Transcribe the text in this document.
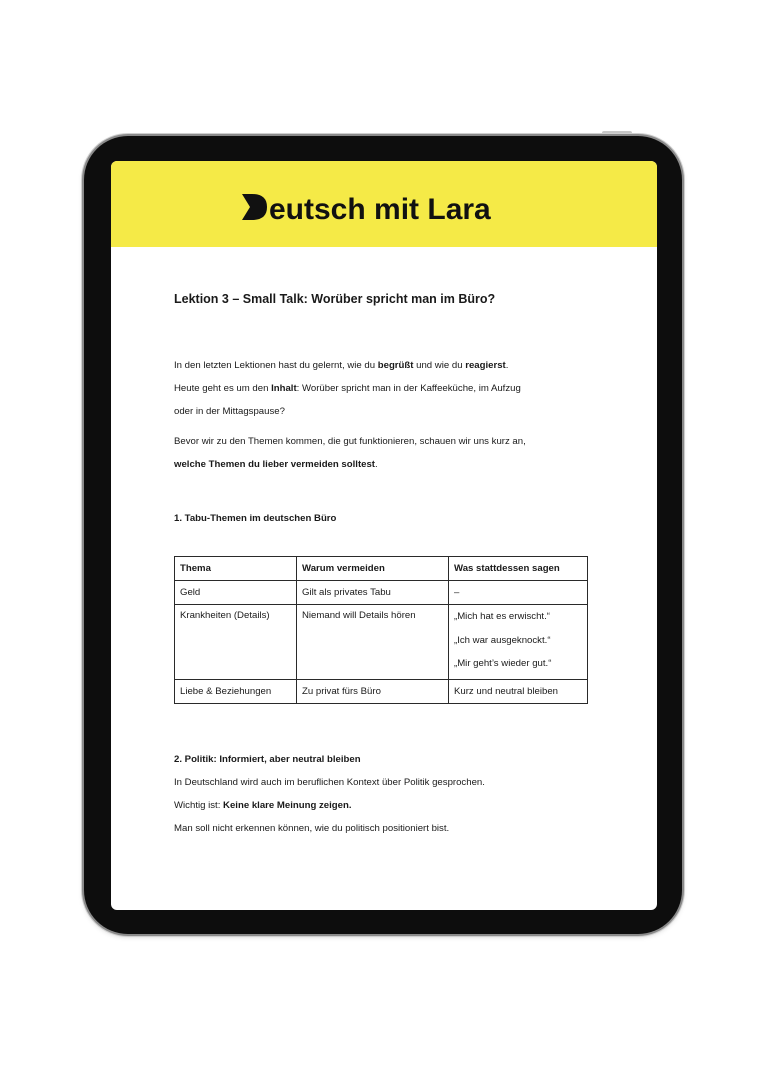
eutsch mit Lara
Lektion 3 – Small Talk: Worüber spricht man im Büro?
In den letzten Lektionen hast du gelernt, wie du begrüßt und wie du reagierst.
Heute geht es um den Inhalt: Worüber spricht man in der Kaffeeküche, im Aufzug
oder in der Mittagspause?
Bevor wir zu den Themen kommen, die gut funktionieren, schauen wir uns kurz an,
welche Themen du lieber vermeiden solltest.
1. Tabu-Themen im deutschen Büro
Thema	Warum vermeiden	Was stattdessen sagen
Geld	Gilt als privates Tabu	–
Krankheiten (Details)	Niemand will Details hören	„Mich hat es erwischt.“
„Ich war ausgeknockt.“
„Mir geht’s wieder gut.“

Liebe & Beziehungen	Zu privat fürs Büro	Kurz und neutral bleiben
2. Politik: Informiert, aber neutral bleiben
In Deutschland wird auch im beruflichen Kontext über Politik gesprochen.
Wichtig ist: Keine klare Meinung zeigen.
Man soll nicht erkennen können, wie du politisch positioniert bist.
